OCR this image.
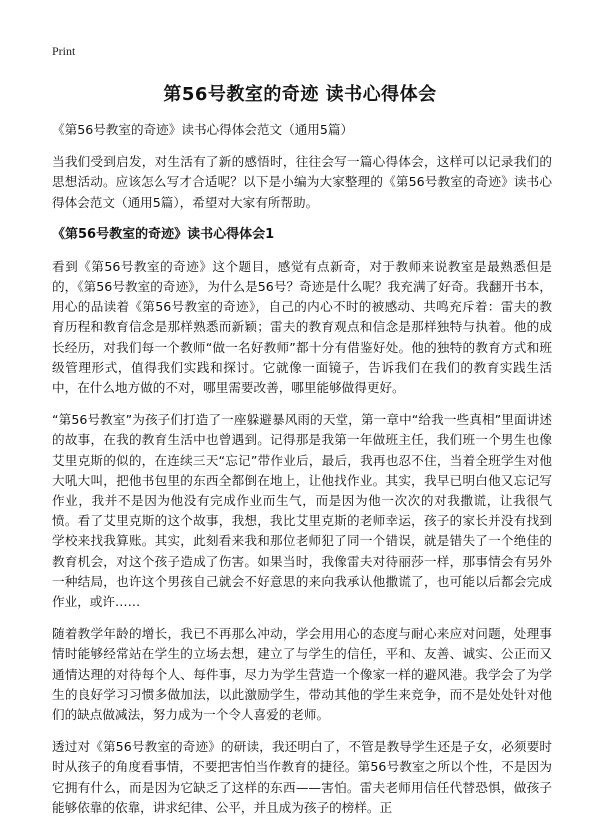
Print
第56号教室的奇迹 读书心得体会

《第56号教室的奇迹》读书心得体会范文（通用5篇）

当我们受到启发，对生活有了新的感悟时，往往会写一篇心得体会，这样可以记录我们的思想活动。应该怎么写才合适呢？以下是小编为大家整理的《第56号教室的奇迹》读书心得体会范文（通用5篇），希望对大家有所帮助。

《第56号教室的奇迹》读书心得体会1

看到《第56号教室的奇迹》这个题目，感觉有点新奇，对于教师来说教室是最熟悉但是的，《第56号教室的奇迹》，为什么是56号？奇迹是什么呢？我充满了好奇。我翻开书本，用心的品读着《第56号教室的奇迹》，自己的内心不时的被感动、共鸣充斥着：雷夫的教育历程和教育信念是那样熟悉而新颖；雷夫的教育观点和信念是那样独特与执着。他的成长经历，对我们每一个教师“做一名好教师”都十分有借鉴好处。他的独特的教育方式和班级管理形式，值得我们实践和探讨。它就像一面镜子，告诉我们在我们的教育实践生活中，在什么地方做的不对，哪里需要改善，哪里能够做得更好。

“第56号教室”为孩子们打造了一座躲避暴风雨的天堂，第一章中“给我一些真相”里面讲述的故事，在我的教育生活中也曾遇到。记得那是我第一年做班主任，我们班一个男生也像艾里克斯的似的，在连续三天“忘记”带作业后，最后，我再也忍不住，当着全班学生对他大吼大叫，把他书包里的东西全都倒在地上，让他找作业。其实，我早已明白他又忘记写作业，我并不是因为他没有完成作业而生气，而是因为他一次次的对我撒谎，让我很气愤。看了艾里克斯的这个故事，我想，我比艾里克斯的老师幸运，孩子的家长并没有找到学校来找我算账。其实，此刻看来我和那位老师犯了同一个错误，就是错失了一个绝佳的教育机会，对这个孩子造成了伤害。如果当时，我像雷夫对待丽莎一样，那事情会有另外一种结局，也许这个男孩自己就会不好意思的来向我承认他撒谎了，也可能以后都会完成作业，或许……

随着教学年龄的增长，我已不再那么冲动，学会用用心的态度与耐心来应对问题，处理事情时能够经常站在学生的立场去想，建立了与学生的信任，平和、友善、诚实、公正而又通情达理的对待每个人、每件事，尽力为学生营造一个像家一样的避风港。我学会了为学生的良好学习习惯多做加法，以此激励学生，带动其他的学生来竞争，而不是处处针对他们的缺点做减法，努力成为一个令人喜爱的老师。

透过对《第56号教室的奇迹》的研读，我还明白了，不管是教导学生还是子女，必须要时时从孩子的角度看事情，不要把害怕当作教育的捷径。第56号教室之所以个性，不是因为它拥有什么，而是因为它缺乏了这样的东西——害怕。雷夫老师用信任代替恐惧，做孩子能够依靠的依靠，讲求纪律、公平，并且成为孩子的榜样。正
